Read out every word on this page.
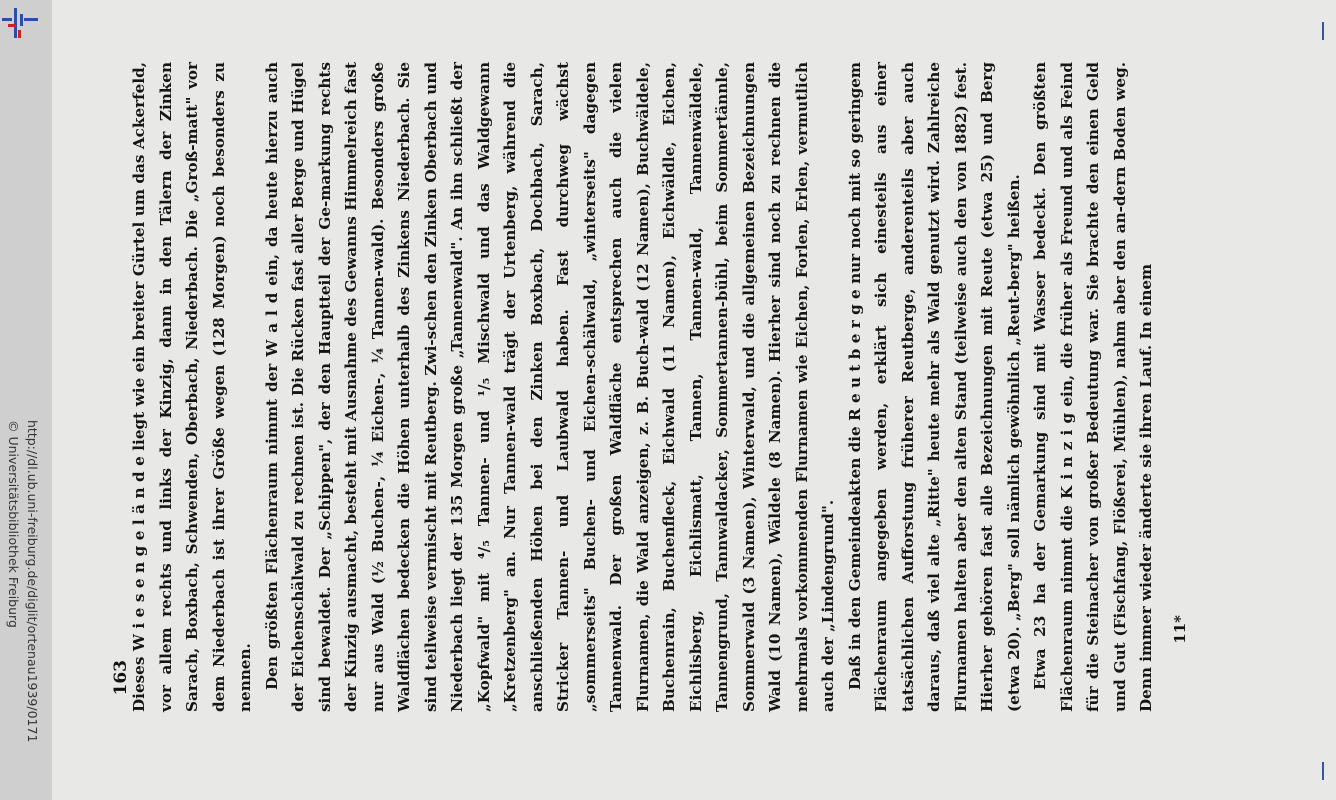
http://dl.ub.uni-freiburg.de/diglit/ortenau1939/0171
© Universitätsbibliothek Freiburg
163 Dieses W i e s e n g e l ä n d e liegt wie ein breiter Gürtel um das Ackerfeld, vor allem rechts und links der Kinzig, dann in den Tälern der Zinken Sarach, Boxbach, Schwenden, Oberbach, Niederbach. Die „Groß-matt" vor dem Niederbach ist ihrer Größe wegen (128 Morgen) noch besonders zu nennen. Den größten Flächenraum nimmt der W a l d ein, da heute hierzu auch der Eichenschälwald zu rechnen ist. Die Rücken fast aller Berge und Hügel sind bewaldet. Der „Schippen", der den Hauptteil der Ge-markung rechts der Kinzig ausmacht, besteht mit Ausnahme des Gewanns Himmelreich fast nur aus Wald (½ Buchen-, ¼ Eichen-, ¼ Tannen-wald). Besonders große Waldflächen bedecken die Höhen unterhalb des Zinkens Niederbach. Sie sind teilweise vermischt mit Reutberg. Zwi-schen den Zinken Oberbach und Niederbach liegt der 135 Morgen große „Tannenwald". An ihn schließt der „Kopfwald" mit ⁴/₅ Tannen- und ¹/₅ Mischwald und das Waldgewann „Kretzenberg" an. Nur Tannen-wald trägt der Urtenberg, während die anschließenden Höhen bei den Zinken Boxbach, Dochbach, Sarach, Stricker Tannen- und Laubwald haben. Fast durchweg wächst „sommerseits" Buchen- und Eichen-schälwald, „winterseits" dagegen Tannenwald. Der großen Waldfläche entsprechen auch die vielen Flurnamen, die Wald anzeigen, z. B. Buch-wald (12 Namen), Buchwäldele, Buchenrain, Buchenfleck, Eichwald (11 Namen), Eichwäldle, Eichen, Eichlisberg, Eichlismatt, Tannen, Tannen-wald, Tannenwäldele, Tannengrund, Tannwaldacker, Sommertannen-bühl, beim Sommertännle, Sommerwald (3 Namen), Winterwald, und die allgemeinen Bezeichnungen Wald (10 Namen), Wäldele (8 Namen). Hierher sind noch zu rechnen die mehrmals vorkommenden Flurnamen wie Eichen, Forlen, Erlen, vermutlich auch der „Lindengrund". Daß in den Gemeindeakten die R e u t b e r g e nur noch mit so geringem Flächenraum angegeben werden, erklärt sich einesteils aus einer tatsächlichen Aufforstung früherer Reutberge, anderenteils aber auch daraus, daß viel alte „Ritte" heute mehr als Wald genutzt wird. Zahlreiche Flurnamen halten aber den alten Stand (teilweise auch den von 1882) fest. Hierher gehören fast alle Bezeichnungen mit Reute (etwa 25) und Berg (etwa 20). „Berg" soll nämlich gewöhnlich „Reut-berg" heißen. Etwa 23 ha der Gemarkung sind mit Wasser bedeckt. Den größten Flächenraum nimmt die K i n z i g ein, die früher als Freund und als Feind für die Steinacher von großer Bedeutung war. Sie brachte den einen Geld und Gut (Fischfang, Flößerei, Mühlen), nahm aber den an-dern Boden weg. Denn immer wieder änderte sie ihren Lauf. In einem	11*
